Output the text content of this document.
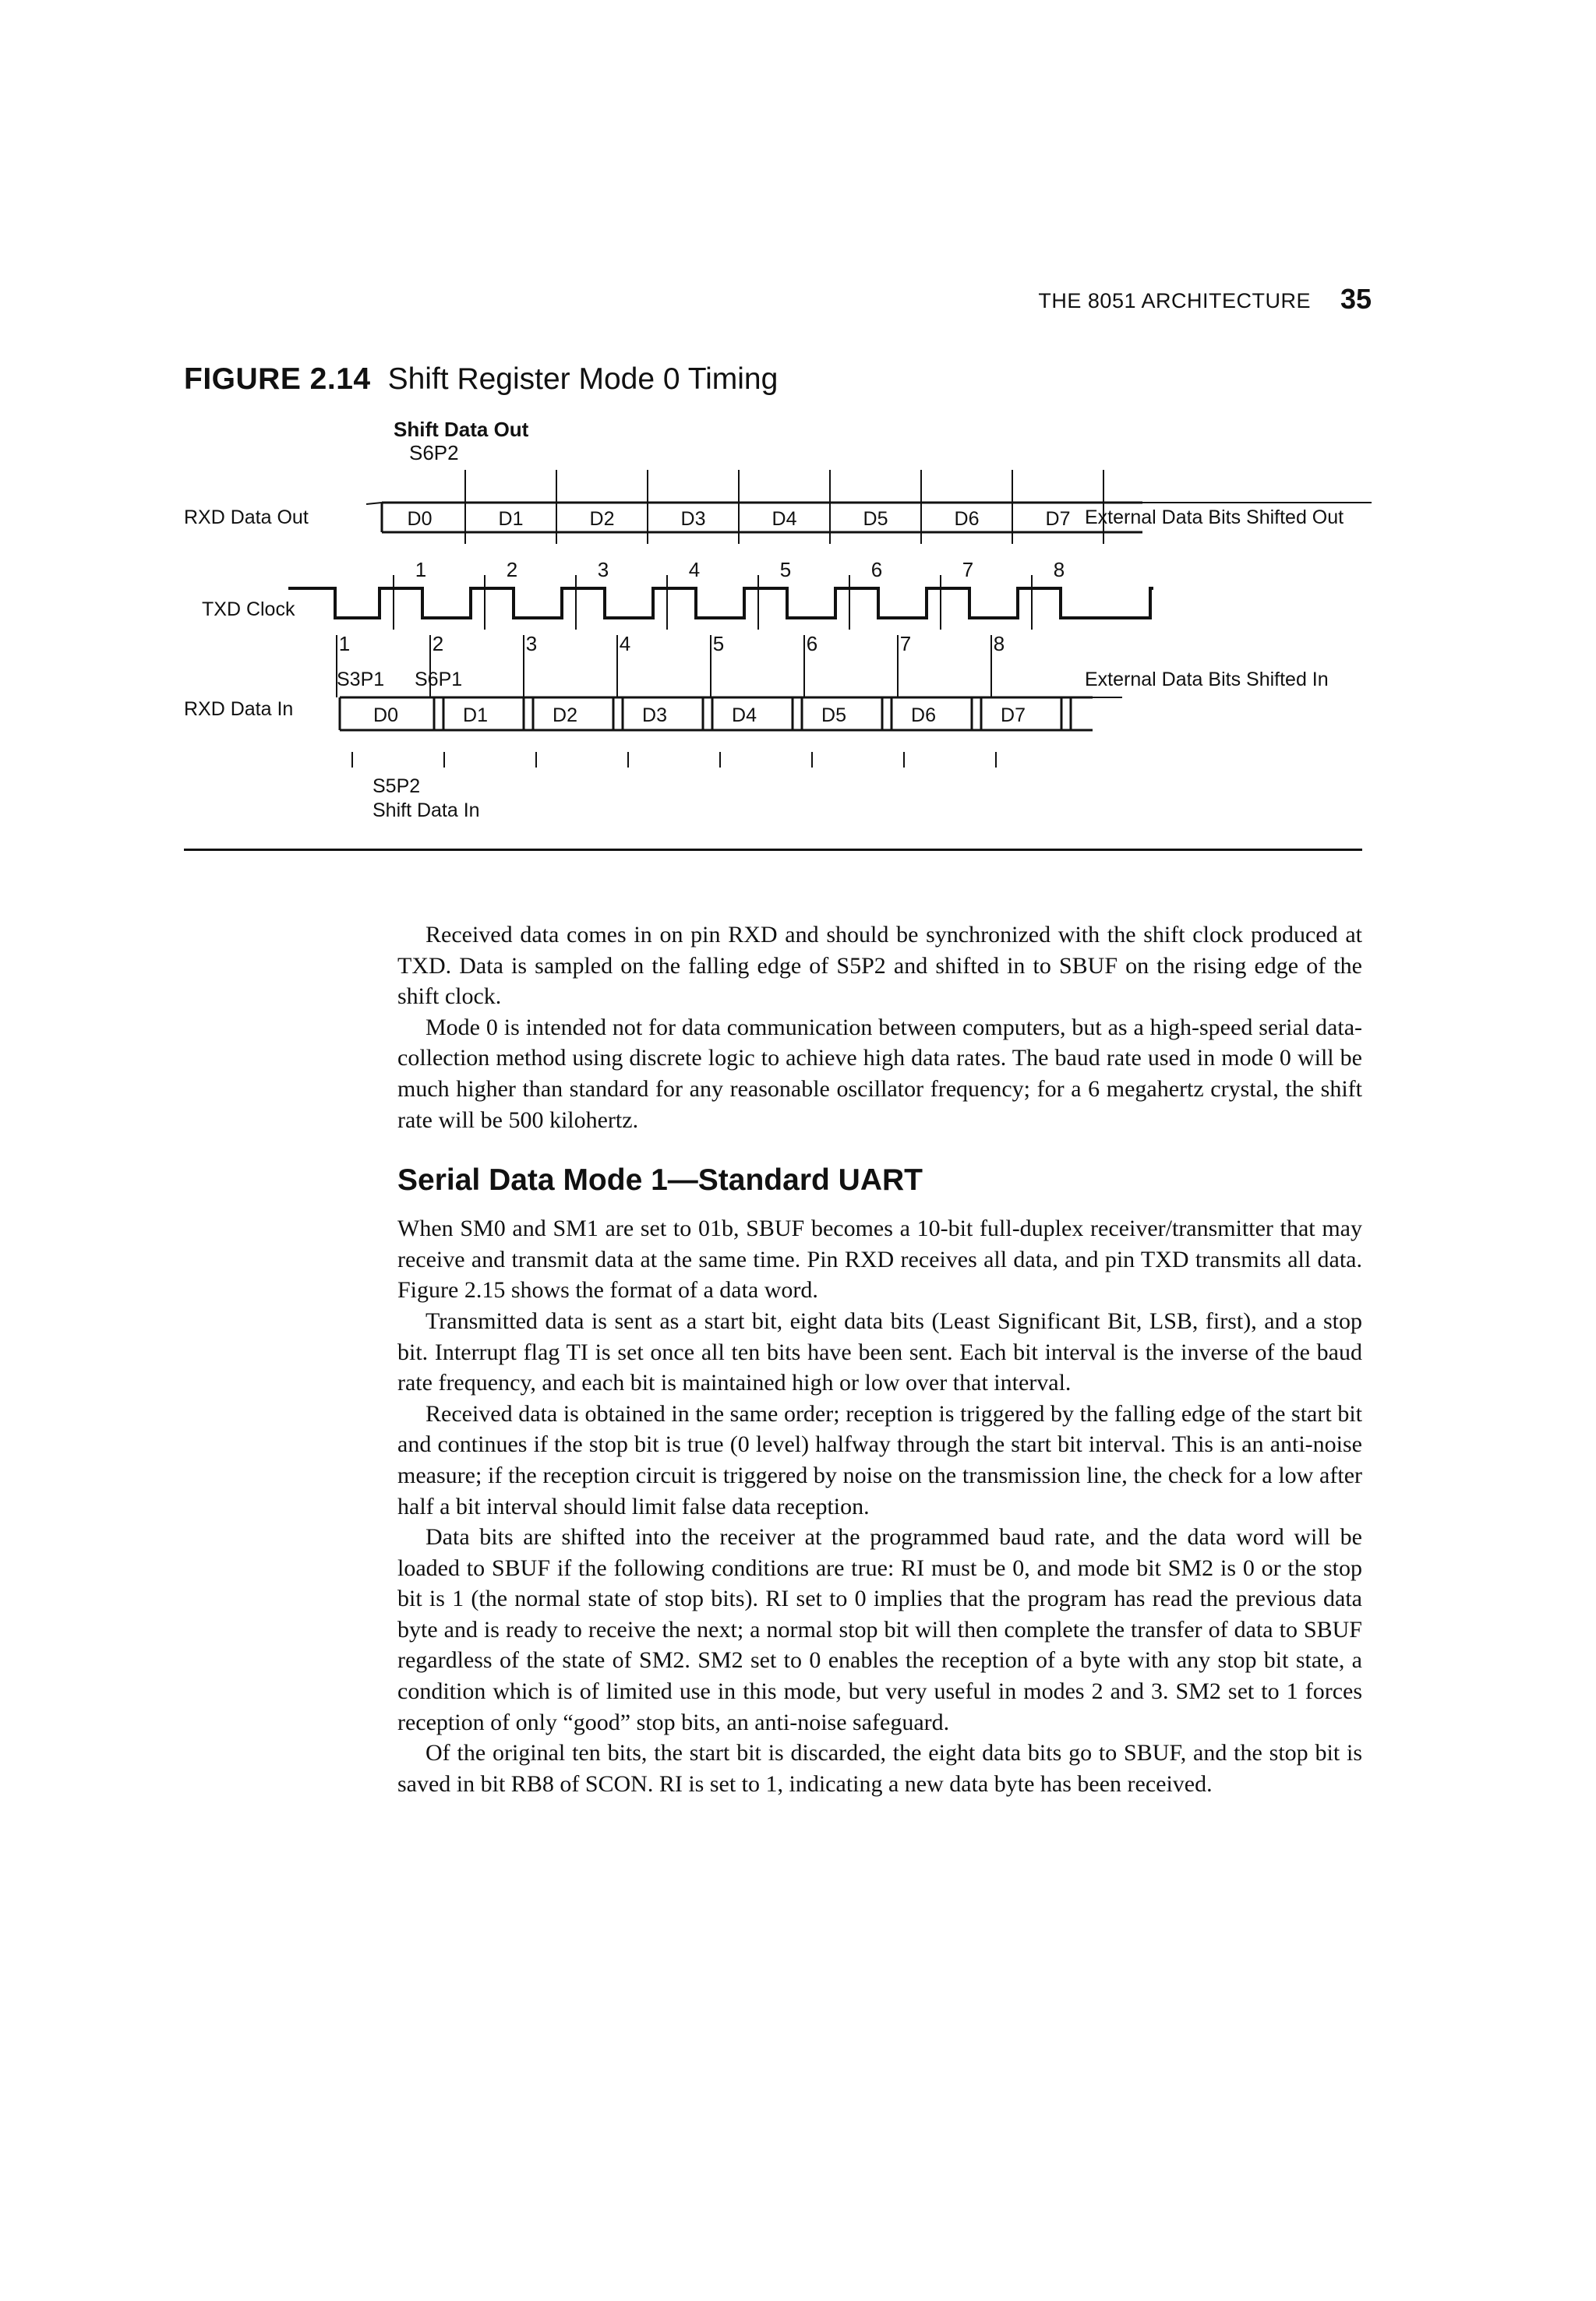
THE 8051 ARCHITECTURE 35
FIGURE 2.14 Shift Register Mode 0 Timing
D0	D1	D2	D3	D4	D5	D6	D7
1	2	3	4	5	6	7	8
1	2	3	4	5	6	7	8
D0	D1	D2	D3	D4	D5	D6	D7
Shift Data Out
S6P2
RXD Data Out
TXD Clock
RXD Data In
External Data Bits Shifted Out
External Data Bits Shifted In
S3P1 S6P1
S5P2
Shift Data In

Received data comes in on pin RXD and should be synchronized with the shift clock produced at TXD. Data is sampled on the falling edge of S5P2 and shifted in to SBUF on the rising edge of the shift clock.

Mode 0 is intended not for data communication between computers, but as a high-speed serial data-collection method using discrete logic to achieve high data rates. The baud rate used in mode 0 will be much higher than standard for any reasonable oscillator frequency; for a 6 megahertz crystal, the shift rate will be 500 kilohertz.

Serial Data Mode 1—Standard UART

When SM0 and SM1 are set to 01b, SBUF becomes a 10-bit full-duplex receiver/transmitter that may receive and transmit data at the same time. Pin RXD receives all data, and pin TXD transmits all data. Figure 2.15 shows the format of a data word.

Transmitted data is sent as a start bit, eight data bits (Least Significant Bit, LSB, first), and a stop bit. Interrupt flag TI is set once all ten bits have been sent. Each bit interval is the inverse of the baud rate frequency, and each bit is maintained high or low over that interval.

Received data is obtained in the same order; reception is triggered by the falling edge of the start bit and continues if the stop bit is true (0 level) halfway through the start bit interval. This is an anti-noise measure; if the reception circuit is triggered by noise on the transmission line, the check for a low after half a bit interval should limit false data reception.

Data bits are shifted into the receiver at the programmed baud rate, and the data word will be loaded to SBUF if the following conditions are true: RI must be 0, and mode bit SM2 is 0 or the stop bit is 1 (the normal state of stop bits). RI set to 0 implies that the program has read the previous data byte and is ready to receive the next; a normal stop bit will then complete the transfer of data to SBUF regardless of the state of SM2. SM2 set to 0 enables the reception of a byte with any stop bit state, a condition which is of limited use in this mode, but very useful in modes 2 and 3. SM2 set to 1 forces reception of only “good” stop bits, an anti-noise safeguard.

Of the original ten bits, the start bit is discarded, the eight data bits go to SBUF, and the stop bit is saved in bit RB8 of SCON. RI is set to 1, indicating a new data byte has been received.
